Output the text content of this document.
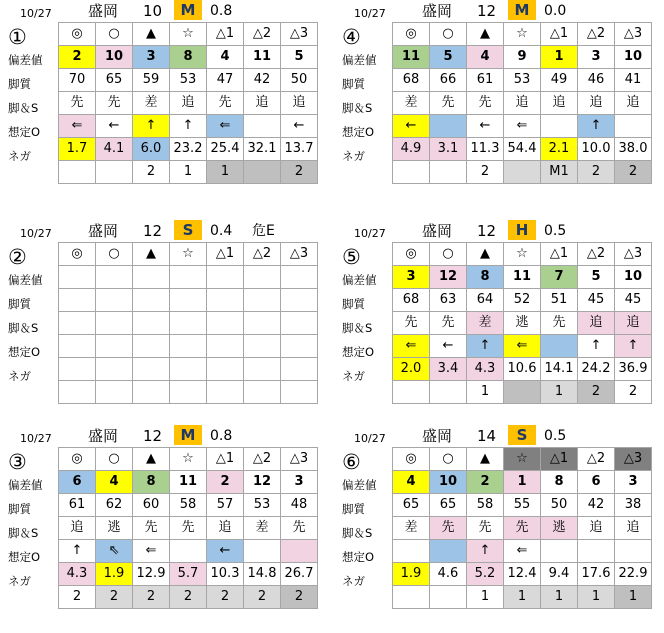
10/27 盛岡 10	M	0.8
①
偏差値
脚質
脚＆S
想定O
ネガ
◎	○	▲	☆	△1	△2	△3
2	10	3	8	4	11	5
70	65	59	53	47	42	50
先	先	差	追	先	追	追
⇐	←	↑	↑	⇐		←
1.7	4.1	6.0	23.2	25.4	32.1	13.7
		2	1	1		2
10/27 盛岡 12	M	0.0
④
偏差値
脚質
脚＆S
想定O
ネガ
◎	○	▲	☆	△1	△2	△3
11	5	4	9	1	3	10
68	66	61	53	49	46	41
差	先	先	追	追	追	追
←		←	⇐		↑	
4.9	3.1	11.3	54.4	2.1	10.0	38.0
		2		M1	2	2
10/27 盛岡 12	S	0.4 危E
②
偏差値
脚質
脚＆S
想定O
ネガ
◎	○	▲	☆	△1	△2	△3

10/27 盛岡 12	H	0.5
⑤
偏差値
脚質
脚＆S
想定O
ネガ
◎	○	▲	☆	△1	△2	△3
3	12	8	11	7	5	10
68	63	64	52	51	45	45
先	先	差	逃	先	追	追
⇐	←	↑	⇐		↑	↑
2.0	3.4	4.3	10.6	14.1	24.2	36.9
		1		1	2	2
10/27 盛岡 12	M	0.8
③
偏差値
脚質
脚＆S
想定O
ネガ
◎	○	▲	☆	△1	△2	△3
6	4	8	11	2	12	3
61	62	60	58	57	53	48
追	逃	先	先	追	差	先
↑	⇖	⇐		←		
4.3	1.9	12.9	5.7	10.3	14.8	26.7
2	2	2	2	2	2	2
10/27 盛岡 14	S	0.5
⑥
偏差値
脚質
脚＆S
想定O
ネガ
◎	○	▲	☆	△1	△2	△3
4	10	2	1	8	6	3
65	65	58	55	50	42	38
差	先	先	先	逃	追	追
		↑	⇐			
1.9	4.6	5.2	12.4	9.4	17.6	22.9
		1	1	1	1	1
